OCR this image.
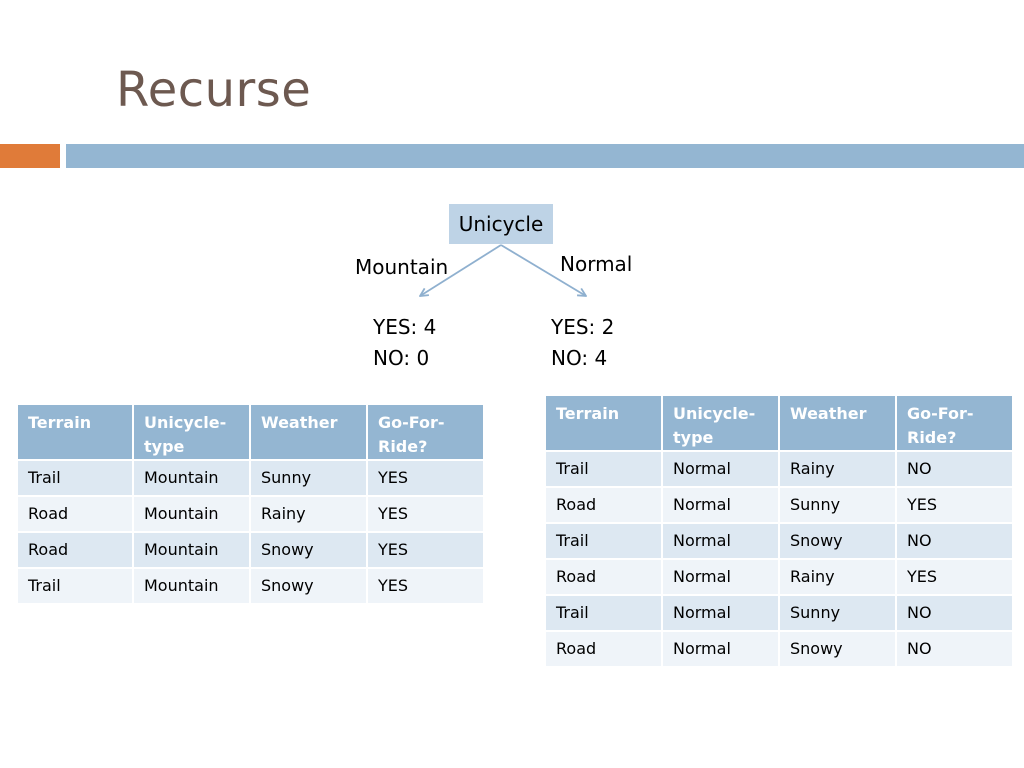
Recurse
Unicycle
Mountain	Normal
YES: 4
NO: 0
YES: 2
NO: 4
Terrain	Unicycle-type	Weather	Go-For-Ride?
Trail	Mountain	Sunny	YES
Road	Mountain	Rainy	YES
Road	Mountain	Snowy	YES
Trail	Mountain	Snowy	YES
Terrain	Unicycle-type	Weather	Go-For-Ride?
Trail	Normal	Rainy	NO
Road	Normal	Sunny	YES
Trail	Normal	Snowy	NO
Road	Normal	Rainy	YES
Trail	Normal	Sunny	NO
Road	Normal	Snowy	NO
